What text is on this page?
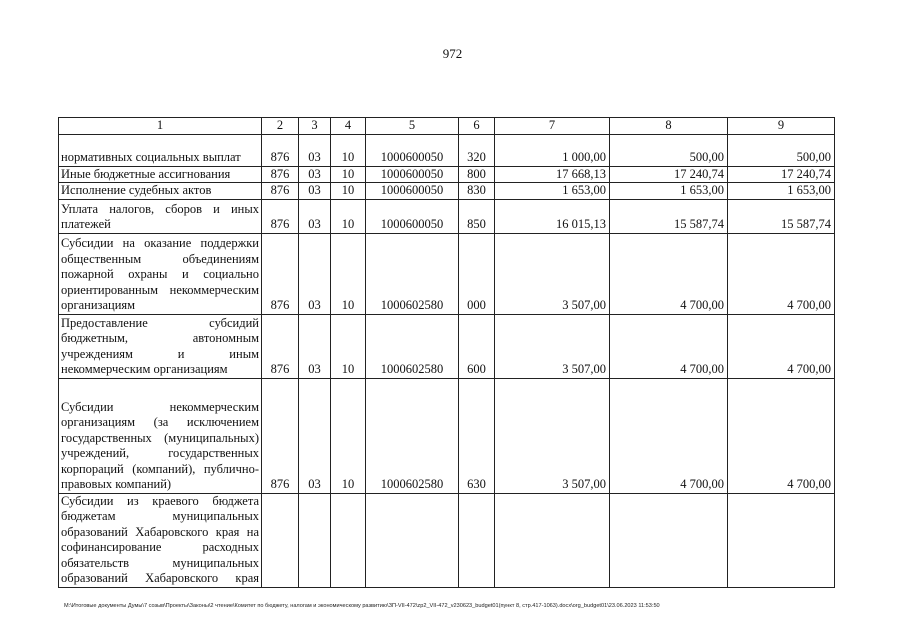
972
1	2	3	4	5	6	7	8	9
нормативных социальных выплат	876	03	10	1000600050	320	1 000,00	500,00	500,00
Иные бюджетные ассигнования	876	03	10	1000600050	800	17 668,13	17 240,74	17 240,74
Исполнение судебных актов	876	03	10	1000600050	830	1 653,00	1 653,00	1 653,00
Уплата налогов, сборов и иных платежей	876	03	10	1000600050	850	16 015,13	15 587,74	15 587,74
Субсидии на оказание поддержки общественным объединениям пожарной охраны и социально ориентированным некоммерческим организациям	876	03	10	1000602580	000	3 507,00	4 700,00	4 700,00
Предоставление субсидий бюджетным, автономным учреждениям и иным некоммерческим организациям	876	03	10	1000602580	600	3 507,00	4 700,00	4 700,00
Субсидии некоммерческим организациям (за исключением государственных (муниципальных) учреждений, государственных корпораций (компаний), публично-правовых компаний)	876	03	10	1000602580	630	3 507,00	4 700,00	4 700,00
Субсидии из краевого бюджета бюджетам муниципальных образований Хабаровского края на софинансирование расходных обязательств муниципальных образований Хабаровского края								
M:\Итоговые документы Думы\7 созыв\Проекты\Законы\2 чтение\Комитет по бюджету, налогам и экономическому развитию\ЗП-VII-472\zp2_VII-472_v230623_budget01(пункт 8, стр.417-1063).docx\org_budget01\23.06.2023 11:53:50
